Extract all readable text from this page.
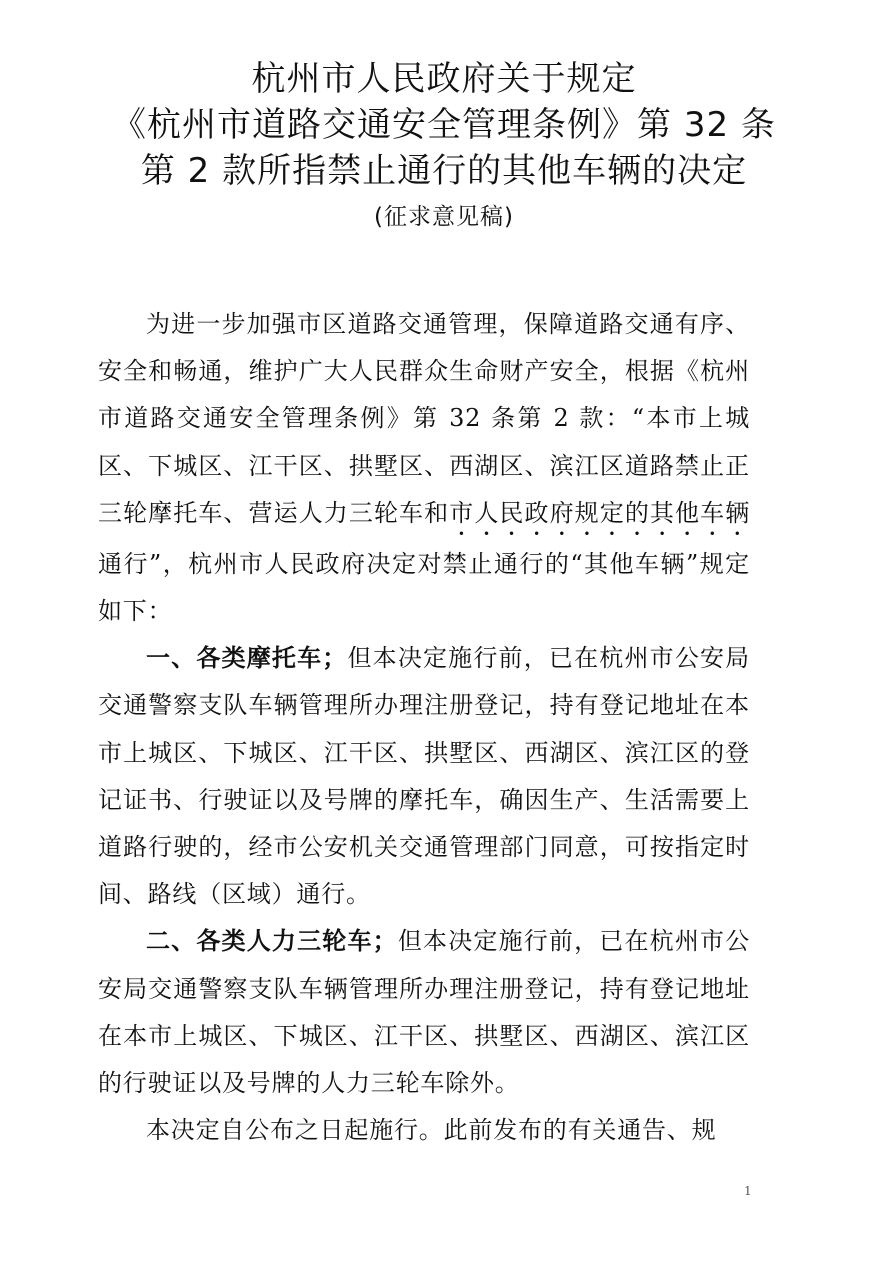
杭州市人民政府关于规定
《杭州市道路交通安全管理条例》第 32 条
第 2 款所指禁止通行的其他车辆的决定
(征求意见稿)

为进一步加强市区道路交通管理，保障道路交通有序、安全和畅通，维护广大人民群众生命财产安全，根据《杭州市道路交通安全管理条例》第 32 条第 2 款：“本市上城区、下城区、江干区、拱墅区、西湖区、滨江区道路禁止正三轮摩托车、营运人力三轮车和市人民政府规定的其他车辆通行”，杭州市人民政府决定对禁止通行的“其他车辆”规定如下：

一、各类摩托车；但本决定施行前，已在杭州市公安局交通警察支队车辆管理所办理注册登记，持有登记地址在本市上城区、下城区、江干区、拱墅区、西湖区、滨江区的登记证书、行驶证以及号牌的摩托车，确因生产、生活需要上道路行驶的，经市公安机关交通管理部门同意，可按指定时间、路线（区域）通行。

二、各类人力三轮车；但本决定施行前，已在杭州市公安局交通警察支队车辆管理所办理注册登记，持有登记地址在本市上城区、下城区、江干区、拱墅区、西湖区、滨江区的行驶证以及号牌的人力三轮车除外。

本决定自公布之日起施行。此前发布的有关通告、规

1
